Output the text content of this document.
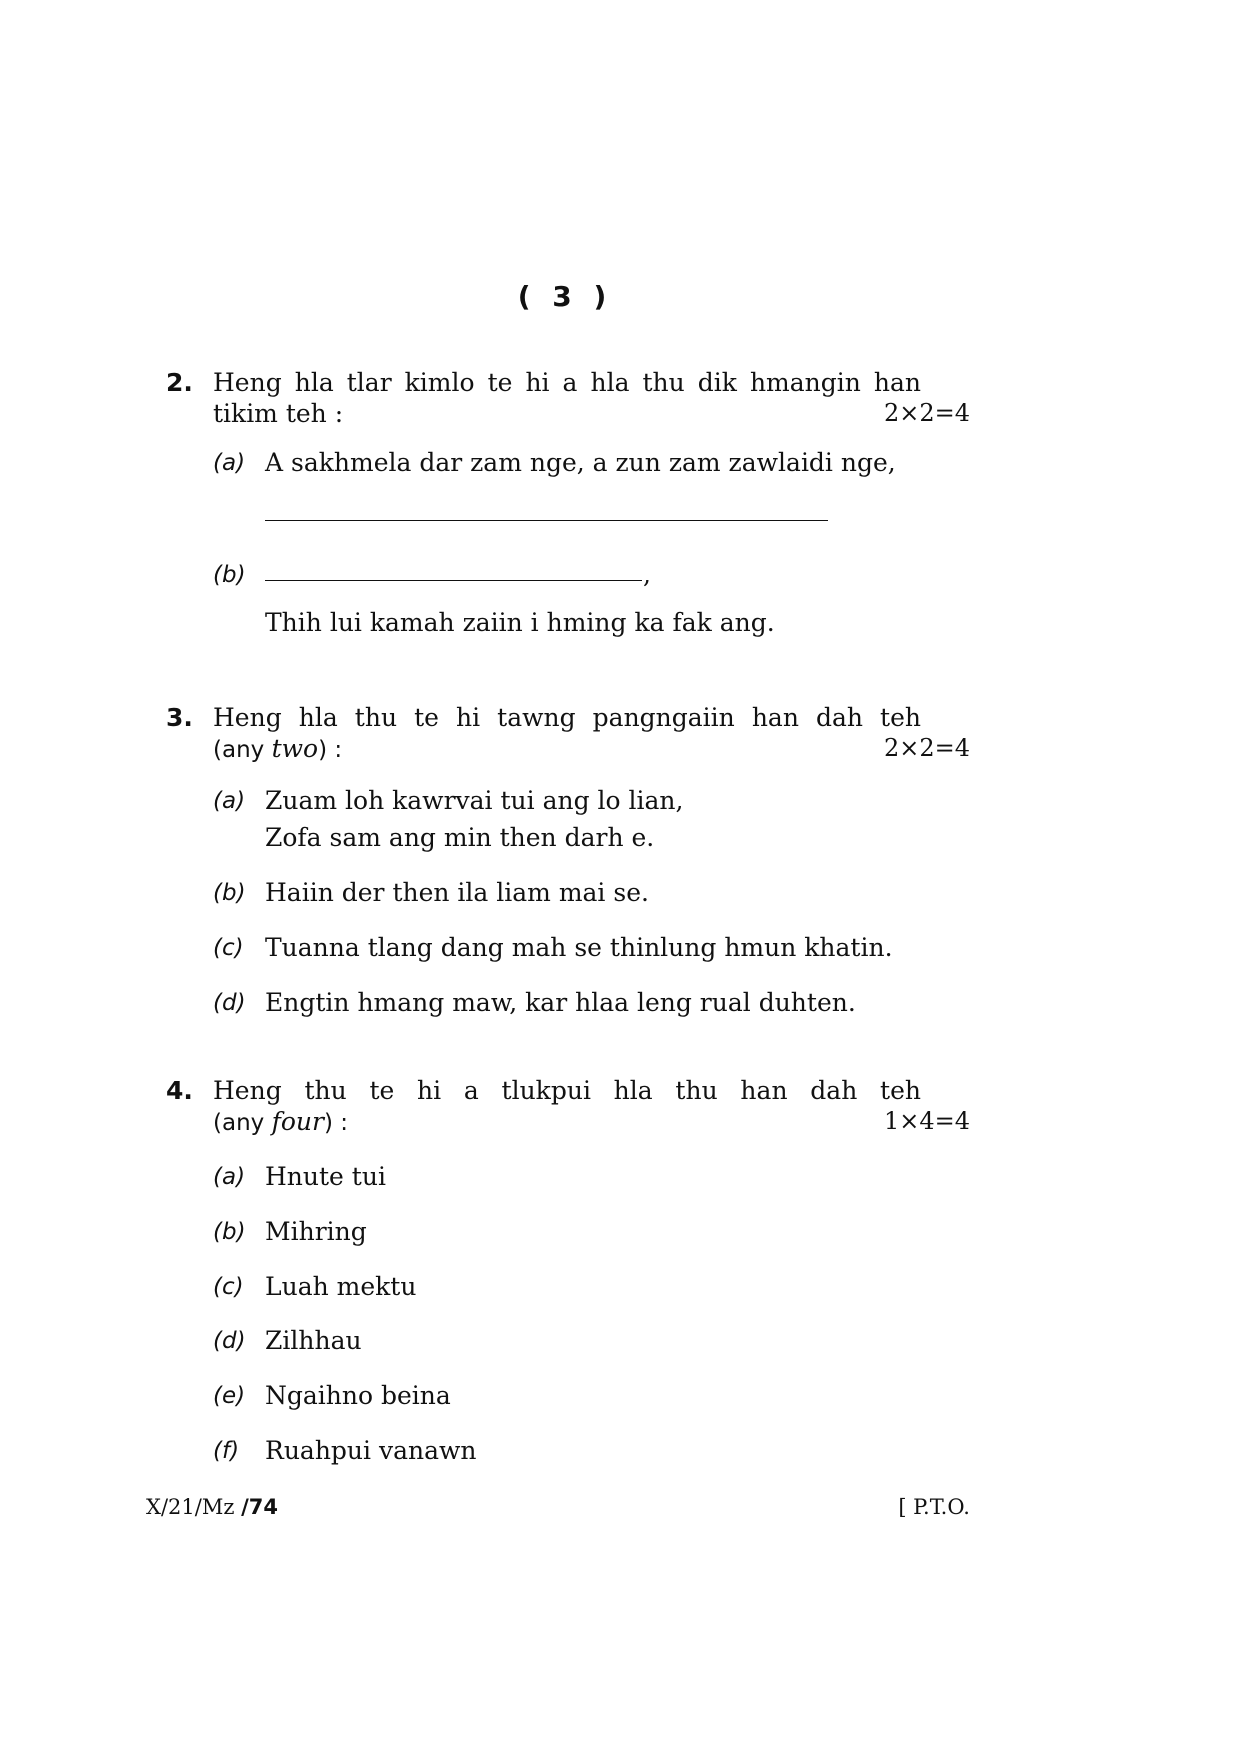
( 3 )
2. Heng hla tlar kimlo te hi a hla thu dik hmangin han
tikim teh :	2×2=4
(a) A sakhmela dar zam nge, a zun zam zawlaidi nge,
(b)	,
Thih lui kamah zaiin i hming ka fak ang.
3. Heng hla thu te hi tawng pangngaiin han dah teh
(any two) :	2×2=4
(a) Zuam loh kawrvai tui ang lo lian,
Zofa sam ang min then darh e.
(b) Haiin der then ila liam mai se.
(c) Tuanna tlang dang mah se thinlung hmun khatin.
(d) Engtin hmang maw, kar hlaa leng rual duhten.
4. Heng thu te hi a tlukpui hla thu han dah teh
(any four) :	1×4=4
(a) Hnute tui
(b) Mihring
(c) Luah mektu
(d) Zilhhau
(e) Ngaihno beina
(f) Ruahpui vanawn
X/21/Mz /74	[ P.T.O.
